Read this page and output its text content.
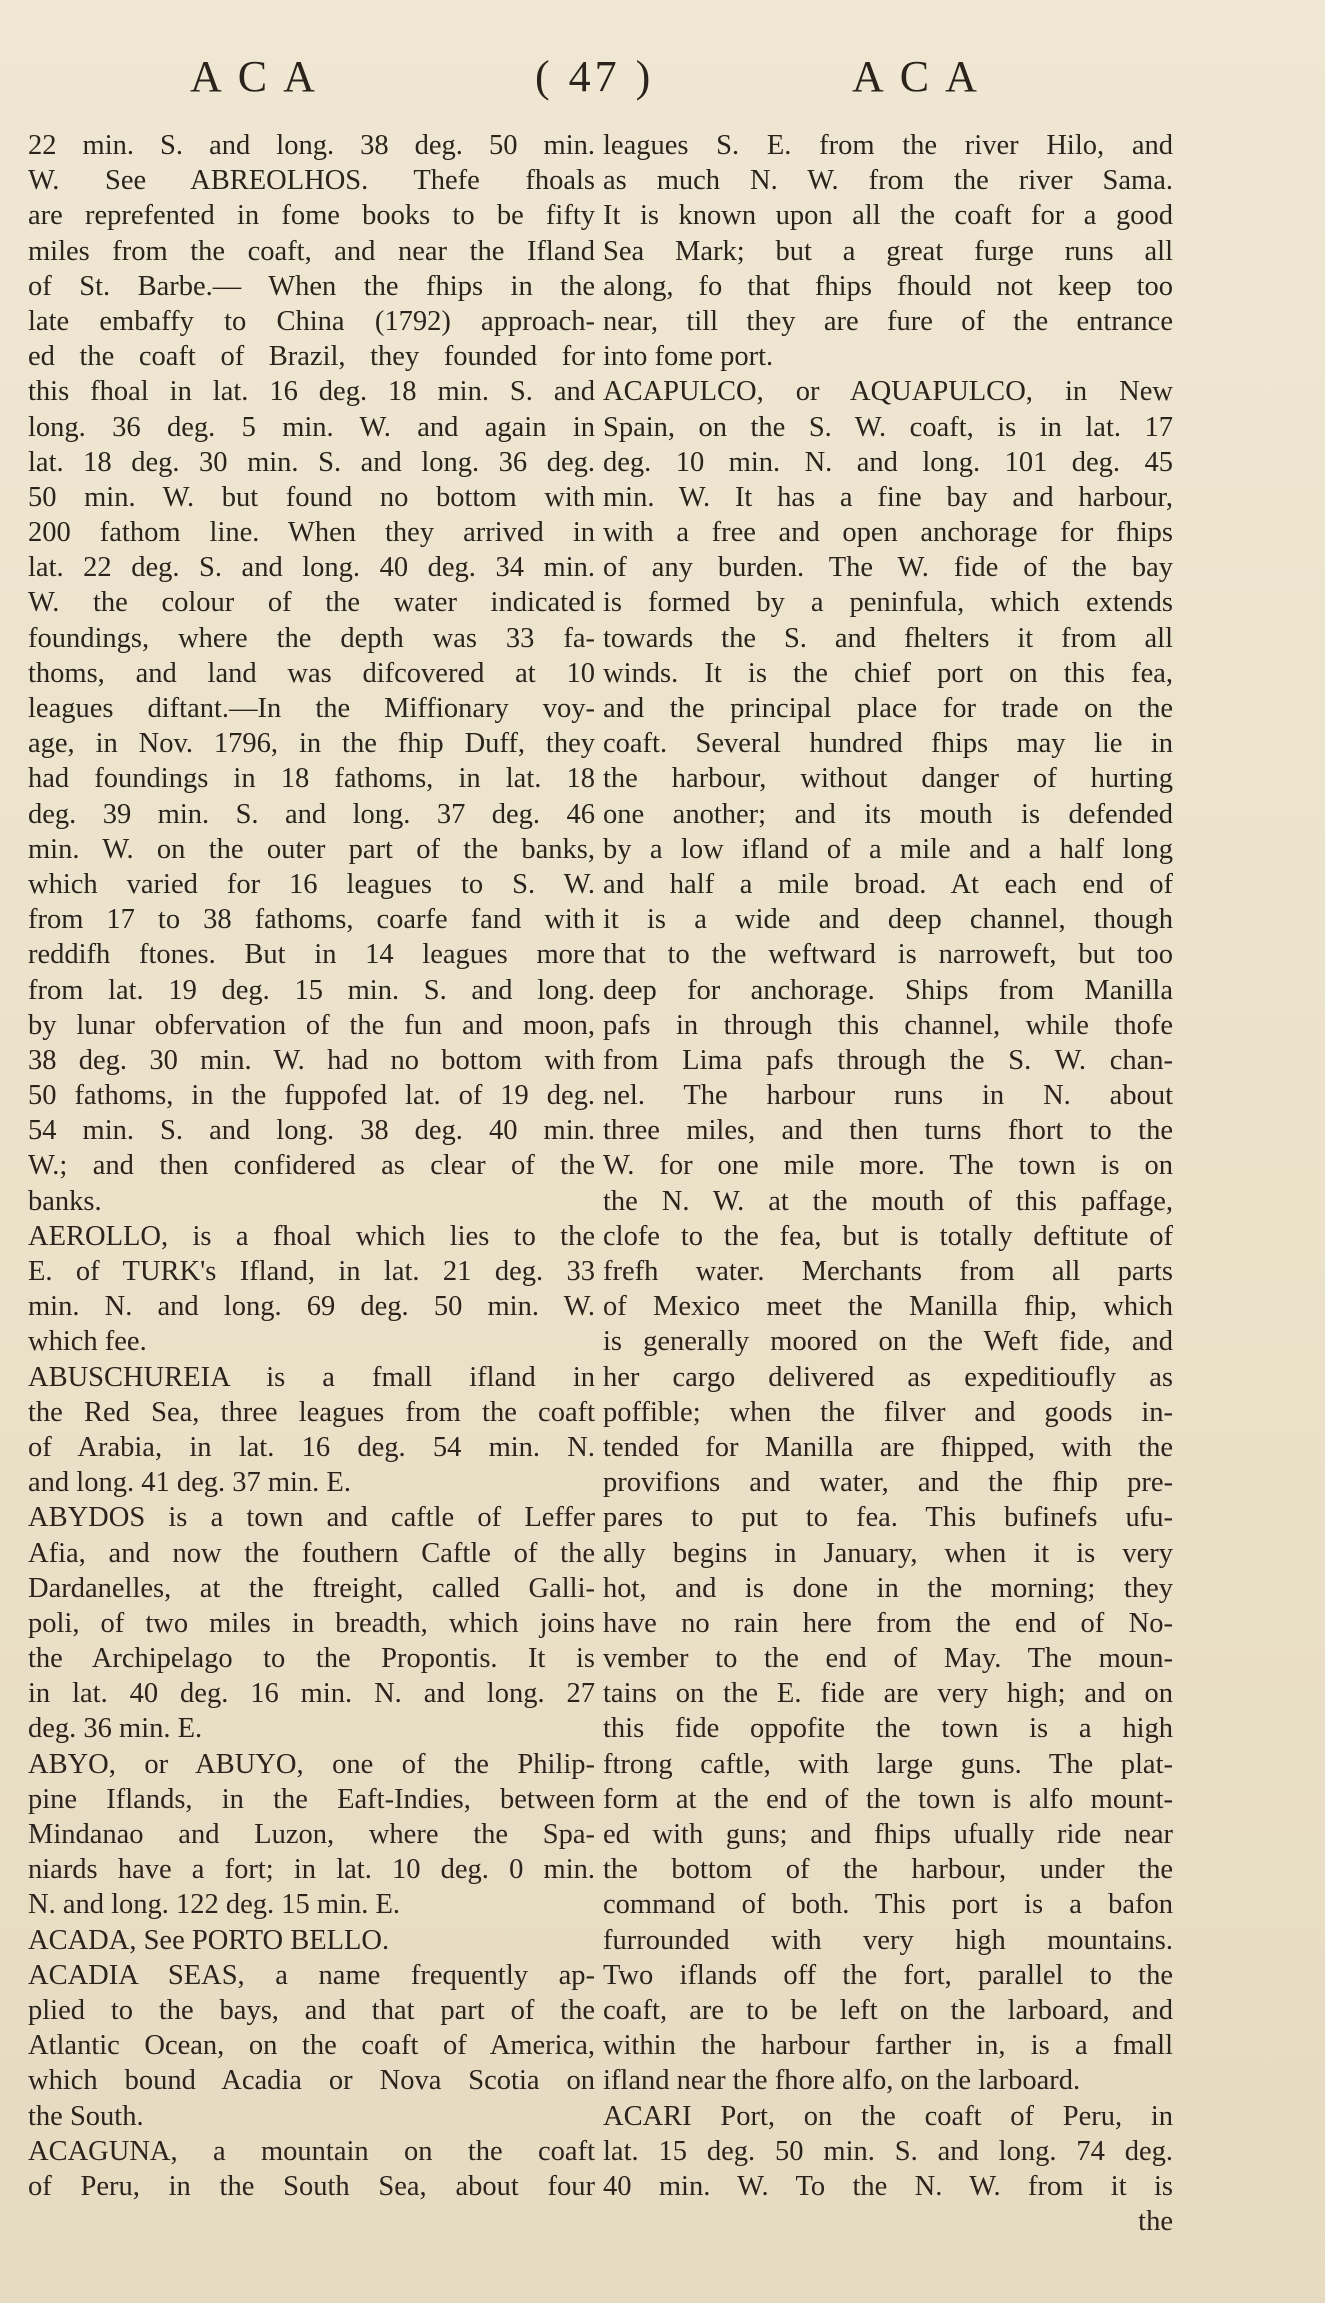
ACA	( 47 )	ACA
22 min. S. and long. 38 deg. 50 min.
W. See ABREOLHOS. Thefe fhoals
are reprefented in fome books to be fifty
miles from the coaft, and near the Ifland
of St. Barbe.— When the fhips in the
late embaffy to China (1792) approach-
ed the coaft of Brazil, they founded for
this fhoal in lat. 16 deg. 18 min. S. and
long. 36 deg. 5 min. W. and again in
lat. 18 deg. 30 min. S. and long. 36 deg.
50 min. W. but found no bottom with
200 fathom line. When they arrived in
lat. 22 deg. S. and long. 40 deg. 34 min.
W. the colour of the water indicated
foundings, where the depth was 33 fa-
thoms, and land was difcovered at 10
leagues diftant.—In the Miffionary voy-
age, in Nov. 1796, in the fhip Duff, they
had foundings in 18 fathoms, in lat. 18
deg. 39 min. S. and long. 37 deg. 46
min. W. on the outer part of the banks,
which varied for 16 leagues to S. W.
from 17 to 38 fathoms, coarfe fand with
reddifh ftones. But in 14 leagues more
from lat. 19 deg. 15 min. S. and long.
by lunar obfervation of the fun and moon,
38 deg. 30 min. W. had no bottom with
50 fathoms, in the fuppofed lat. of 19 deg.
54 min. S. and long. 38 deg. 40 min.
W.; and then confidered as clear of the
banks.
AEROLLO, is a fhoal which lies to the
E. of TURK's Ifland, in lat. 21 deg. 33
min. N. and long. 69 deg. 50 min. W.
which fee.
ABUSCHUREIA is a fmall ifland in
the Red Sea, three leagues from the coaft
of Arabia, in lat. 16 deg. 54 min. N.
and long. 41 deg. 37 min. E.
ABYDOS is a town and caftle of Leffer
Afia, and now the fouthern Caftle of the
Dardanelles, at the ftreight, called Galli-
poli, of two miles in breadth, which joins
the Archipelago to the Propontis. It is
in lat. 40 deg. 16 min. N. and long. 27
deg. 36 min. E.
ABYO, or ABUYO, one of the Philip-
pine Iflands, in the Eaft-Indies, between
Mindanao and Luzon, where the Spa-
niards have a fort; in lat. 10 deg. 0 min.
N. and long. 122 deg. 15 min. E.
ACADA, See PORTO BELLO.
ACADIA SEAS, a name frequently ap-
plied to the bays, and that part of the
Atlantic Ocean, on the coaft of America,
which bound Acadia or Nova Scotia on
the South.
ACAGUNA, a mountain on the coaft
of Peru, in the South Sea, about four
leagues S. E. from the river Hilo, and
as much N. W. from the river Sama.
It is known upon all the coaft for a good
Sea Mark; but a great furge runs all
along, fo that fhips fhould not keep too
near, till they are fure of the entrance
into fome port.
ACAPULCO, or AQUAPULCO, in New
Spain, on the S. W. coaft, is in lat. 17
deg. 10 min. N. and long. 101 deg. 45
min. W. It has a fine bay and harbour,
with a free and open anchorage for fhips
of any burden. The W. fide of the bay
is formed by a peninfula, which extends
towards the S. and fhelters it from all
winds. It is the chief port on this fea,
and the principal place for trade on the
coaft. Several hundred fhips may lie in
the harbour, without danger of hurting
one another; and its mouth is defended
by a low ifland of a mile and a half long
and half a mile broad. At each end of
it is a wide and deep channel, though
that to the weftward is narroweft, but too
deep for anchorage. Ships from Manilla
pafs in through this channel, while thofe
from Lima pafs through the S. W. chan-
nel. The harbour runs in N. about
three miles, and then turns fhort to the
W. for one mile more. The town is on
the N. W. at the mouth of this paffage,
clofe to the fea, but is totally deftitute of
frefh water. Merchants from all parts
of Mexico meet the Manilla fhip, which
is generally moored on the Weft fide, and
her cargo delivered as expeditioufly as
poffible; when the filver and goods in-
tended for Manilla are fhipped, with the
provifions and water, and the fhip pre-
pares to put to fea. This bufinefs ufu-
ally begins in January, when it is very
hot, and is done in the morning; they
have no rain here from the end of No-
vember to the end of May. The moun-
tains on the E. fide are very high; and on
this fide oppofite the town is a high
ftrong caftle, with large guns. The plat-
form at the end of the town is alfo mount-
ed with guns; and fhips ufually ride near
the bottom of the harbour, under the
command of both. This port is a bafon
furrounded with very high mountains.
Two iflands off the fort, parallel to the
coaft, are to be left on the larboard, and
within the harbour farther in, is a fmall
ifland near the fhore alfo, on the larboard.
ACARI Port, on the coaft of Peru, in
lat. 15 deg. 50 min. S. and long. 74 deg.
40 min. W. To the N. W. from it is
the
